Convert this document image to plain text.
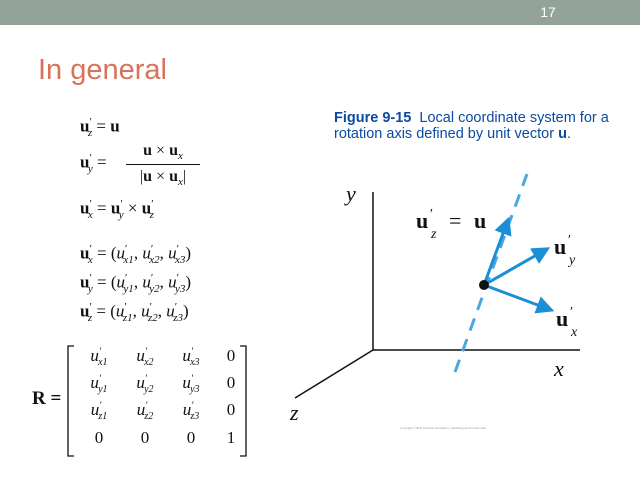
17
In general
Figure 9-15  Local coordinate system for a rotation axis defined by unit vector u.
$u'_z = u$
$u'_y = \frac{u \times u_x}{|u \times u_x|}$
$u'_x = u'_y \times u'_z$
$u'_x = (u'_{x1}$, $u'_{x2}$, $u'_{x3}$)
$u'_y = (u'_{y1}$, $u'_{y2}$, $u'_{y3}$)
$u'_z = (u'_{z1}$, $u'_{z2}$, $u'_{z3}$)
R =
$u'_{x1}$	$u'_{x2}$	$u'_{x3}$	0
$u'_{y1}$	$u'_{y2}$	$u'_{y3}$	0
$u'_{z1}$	$u'_{z2}$	$u'_{z3}$	0
0	0	0	1
y
x
z
u ′
z
= u
u ′
y
u ′
x
Copyright ©2011 Pearson Education, publishing as Prentice Hall
